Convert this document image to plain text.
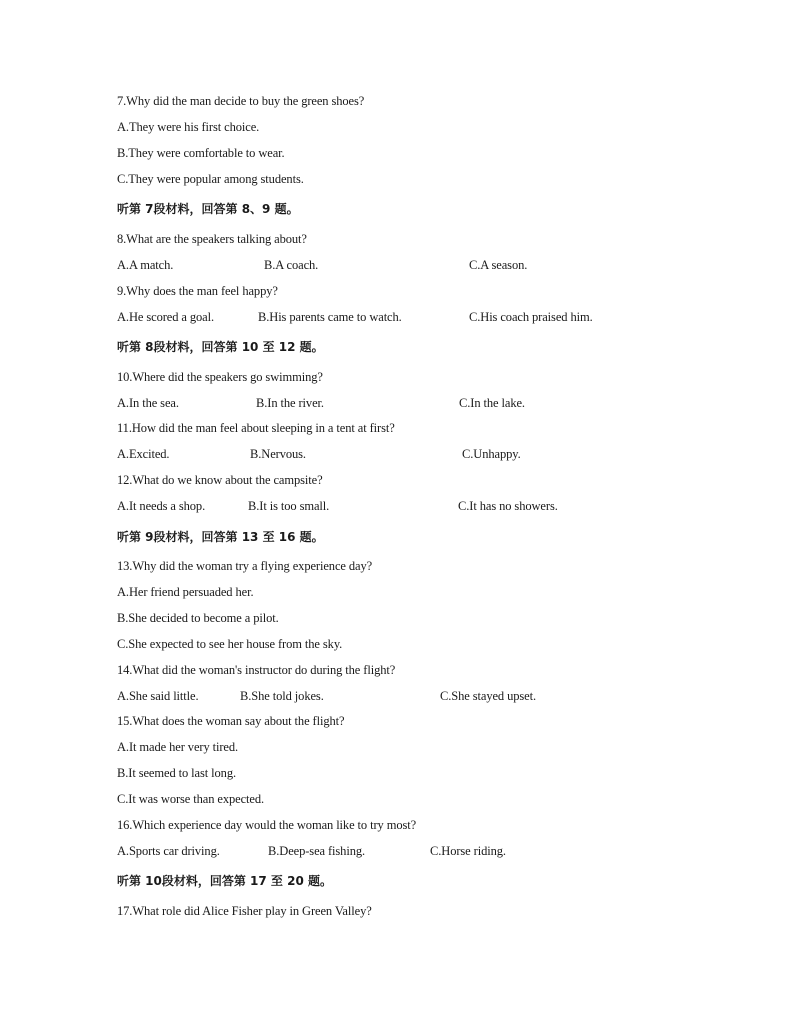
7.Why did the man decide to buy the green shoes?
A.They were his first choice.
B.They were comfortable to wear.
C.They were popular among students.
听第 7段材料，回答第 8、9 题。
8.What are the speakers talking about?
A.A match.	B.A coach.	C.A season.
9.Why does the man feel happy?
A.He scored a goal.	B.His parents came to watch.	C.His coach praised him.
听第 8段材料，回答第 10 至 12 题。
10.Where did the speakers go swimming?
A.In the sea.	B.In the river.	C.In the lake.
11.How did the man feel about sleeping in a tent at first?
A.Excited.	B.Nervous.	C.Unhappy.
12.What do we know about the campsite?
A.It needs a shop.	B.It is too small.	C.It has no showers.
听第 9段材料，回答第 13 至 16 题。
13.Why did the woman try a flying experience day?
A.Her friend persuaded her.
B.She decided to become a pilot.
C.She expected to see her house from the sky.
14.What did the woman's instructor do during the flight?
A.She said little.	B.She told jokes.	C.She stayed upset.
15.What does the woman say about the flight?
A.It made her very tired.
B.It seemed to last long.
C.It was worse than expected.
16.Which experience day would the woman like to try most?
A.Sports car driving.	B.Deep-sea fishing.	C.Horse riding.
听第 10段材料，回答第 17 至 20 题。
17.What role did Alice Fisher play in Green Valley?
